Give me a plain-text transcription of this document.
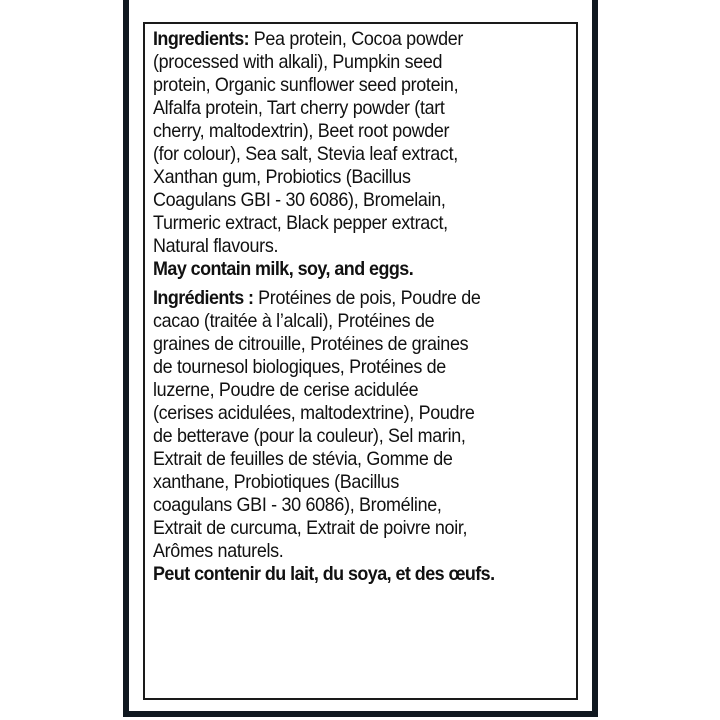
Ingredients: Pea protein, Cocoa powder
(processed with alkali), Pumpkin seed
protein, Organic sunflower seed protein,
Alfalfa protein, Tart cherry powder (tart
cherry, maltodextrin), Beet root powder
(for colour), Sea salt, Stevia leaf extract,
Xanthan gum, Probiotics (Bacillus
Coagulans GBI - 30 6086), Bromelain,
Turmeric extract, Black pepper extract,
Natural flavours.
May contain milk, soy, and eggs.
Ingrédients : Protéines de pois, Poudre de
cacao (traitée à l’alcali), Protéines de
graines de citrouille, Protéines de graines
de tournesol biologiques, Protéines de
luzerne, Poudre de cerise acidulée
(cerises acidulées, maltodextrine), Poudre
de betterave (pour la couleur), Sel marin,
Extrait de feuilles de stévia, Gomme de
xanthane, Probiotiques (Bacillus
coagulans GBI - 30 6086), Broméline,
Extrait de curcuma, Extrait de poivre noir,
Arômes naturels.
Peut contenir du lait, du soya, et des œufs.
